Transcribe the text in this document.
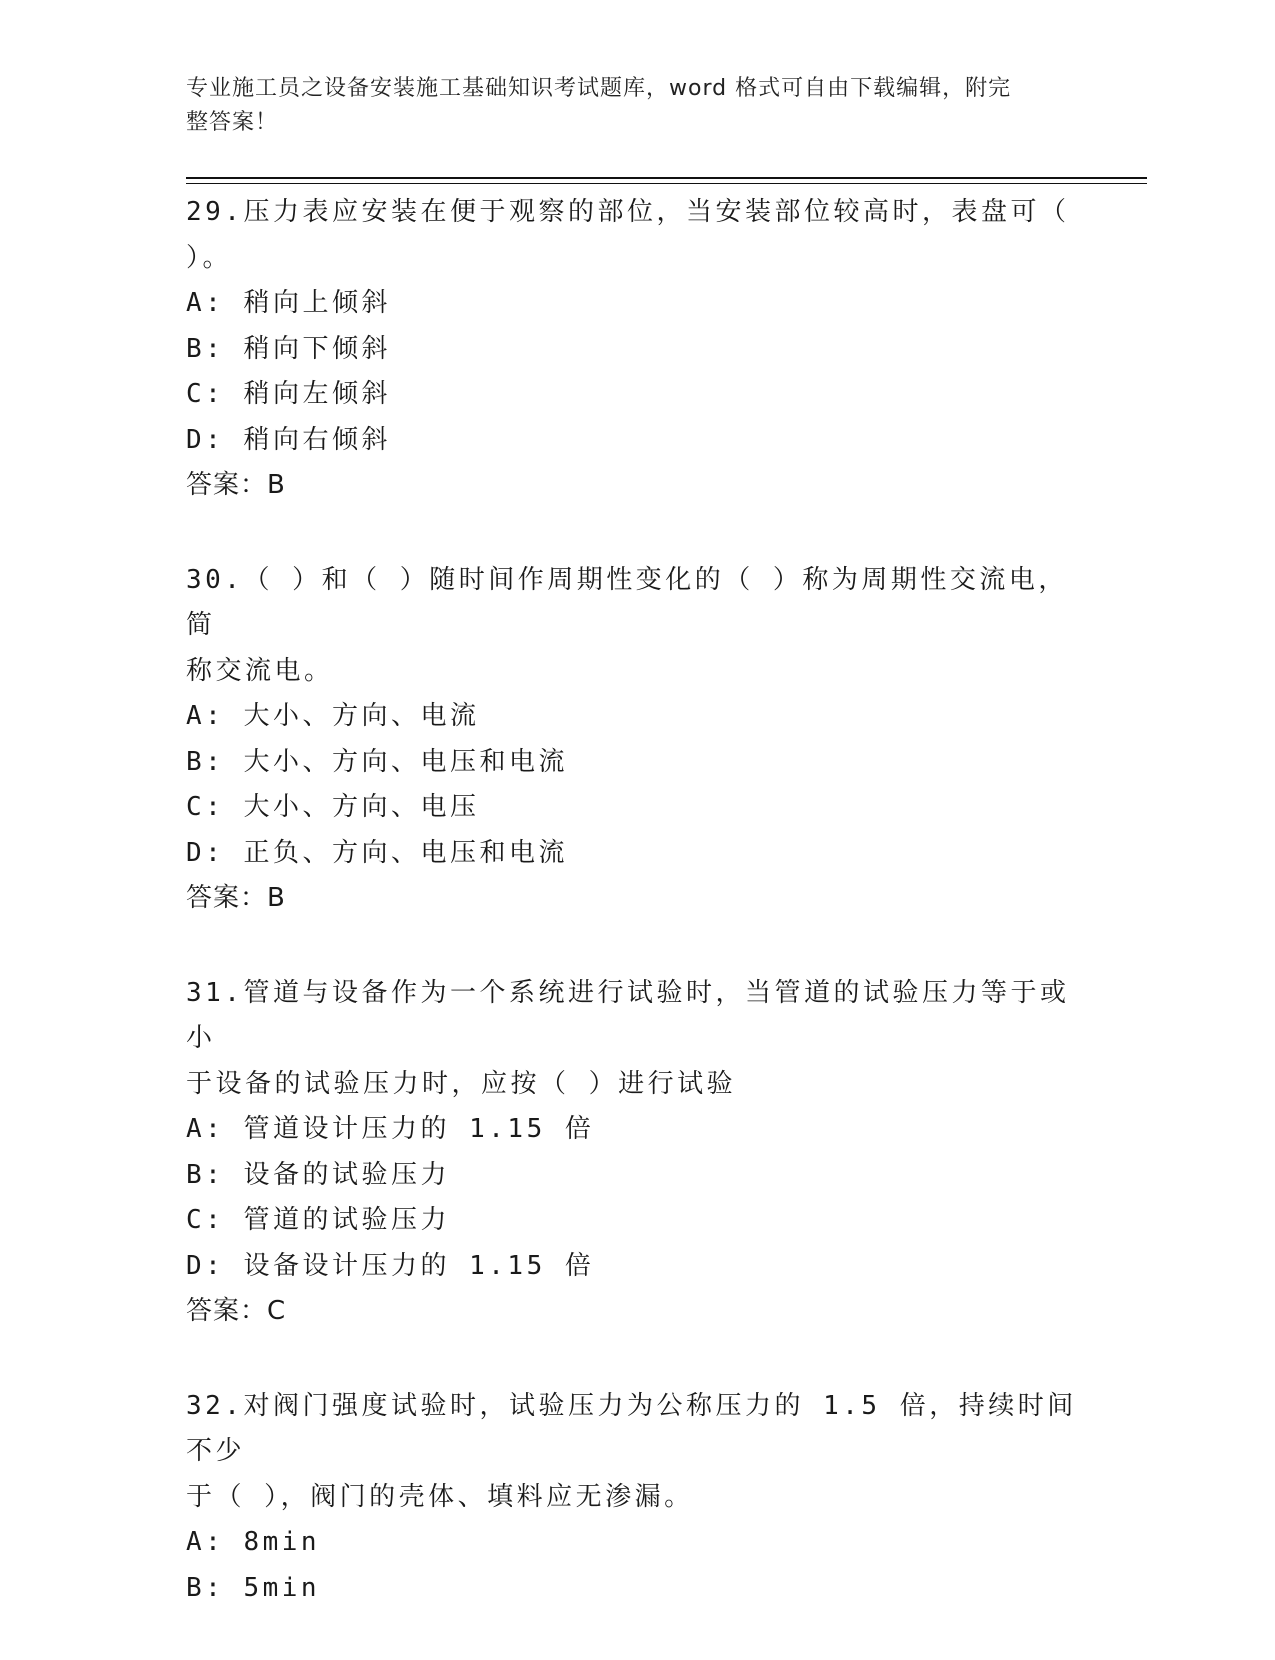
专业施工员之设备安装施工基础知识考试题库，word 格式可自由下载编辑，附完
整答案！
29.压力表应安装在便于观察的部位，当安装部位较高时，表盘可（
）。
A: 稍向上倾斜
B: 稍向下倾斜
C: 稍向左倾斜
D: 稍向右倾斜
答案：B
30.（ ）和（ ）随时间作周期性变化的（ ）称为周期性交流电，简
称交流电。
A: 大小、方向、电流
B: 大小、方向、电压和电流
C: 大小、方向、电压
D: 正负、方向、电压和电流
答案：B
31.管道与设备作为一个系统进行试验时，当管道的试验压力等于或小
于设备的试验压力时，应按（ ）进行试验
A: 管道设计压力的 1.15 倍
B: 设备的试验压力
C: 管道的试验压力
D: 设备设计压力的 1.15 倍
答案：C
32.对阀门强度试验时，试验压力为公称压力的 1.5 倍，持续时间不少
于（ ），阀门的壳体、填料应无渗漏。
A: 8min
B: 5min
